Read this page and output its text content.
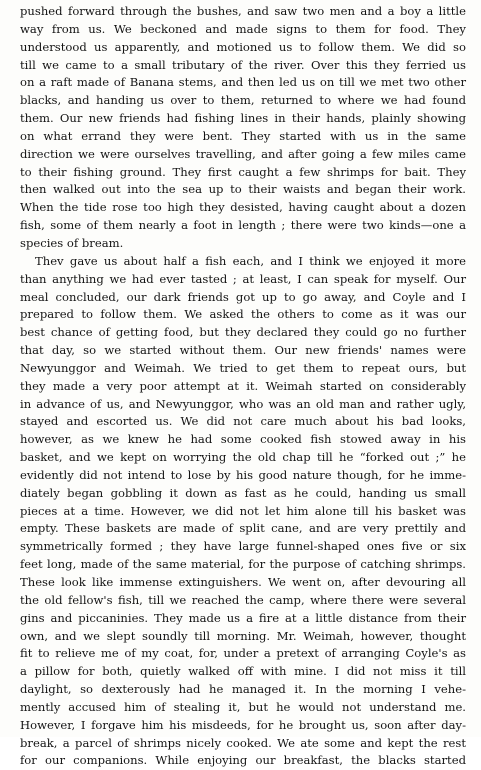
pushed forward through the bushes, and saw two men and a boy a little
way from us. We beckoned and made signs to them for food. They
understood us apparently, and motioned us to follow them. We did so
till we came to a small tributary of the river. Over this they ferried us
on a raft made of Banana stems, and then led us on till we met two other
blacks, and handing us over to them, returned to where we had found
them. Our new friends had fishing lines in their hands, plainly showing
on what errand they were bent. They started with us in the same
direction we were ourselves travelling, and after going a few miles came
to their fishing ground. They first caught a few shrimps for bait. They
then walked out into the sea up to their waists and began their work.
When the tide rose too high they desisted, having caught about a dozen
fish, some of them nearly a foot in length ; there were two kinds—one a
species of bream.
Thev gave us about half a fish each, and I think we enjoyed it more
than anything we had ever tasted ; at least, I can speak for myself. Our
meal concluded, our dark friends got up to go away, and Coyle and I
prepared to follow them. We asked the others to come as it was our
best chance of getting food, but they declared they could go no further
that day, so we started without them. Our new friends' names were
Newyunggor and Weimah. We tried to get them to repeat ours, but
they made a very poor attempt at it. Weimah started on considerably
in advance of us, and Newyunggor, who was an old man and rather ugly,
stayed and escorted us. We did not care much about his bad looks,
however, as we knew he had some cooked fish stowed away in his
basket, and we kept on worrying the old chap till he “forked out ;” he
evidently did not intend to lose by his good nature though, for he imme-
diately began gobbling it down as fast as he could, handing us small
pieces at a time. However, we did not let him alone till his basket was
empty. These baskets are made of split cane, and are very prettily and
symmetrically formed ; they have large funnel-shaped ones five or six
feet long, made of the same material, for the purpose of catching shrimps.
These look like immense extinguishers. We went on, after devouring all
the old fellow's fish, till we reached the camp, where there were several
gins and piccaninies. They made us a fire at a little distance from their
own, and we slept soundly till morning. Mr. Weimah, however, thought
fit to relieve me of my coat, for, under a pretext of arranging Coyle's as
a pillow for both, quietly walked off with mine. I did not miss it till
daylight, so dexterously had he managed it. In the morning I vehe-
mently accused him of stealing it, but he would not understand me.
However, I forgave him his misdeeds, for he brought us, soon after day-
break, a parcel of shrimps nicely cooked. We ate some and kept the rest
for our companions. While enjoying our breakfast, the blacks started
